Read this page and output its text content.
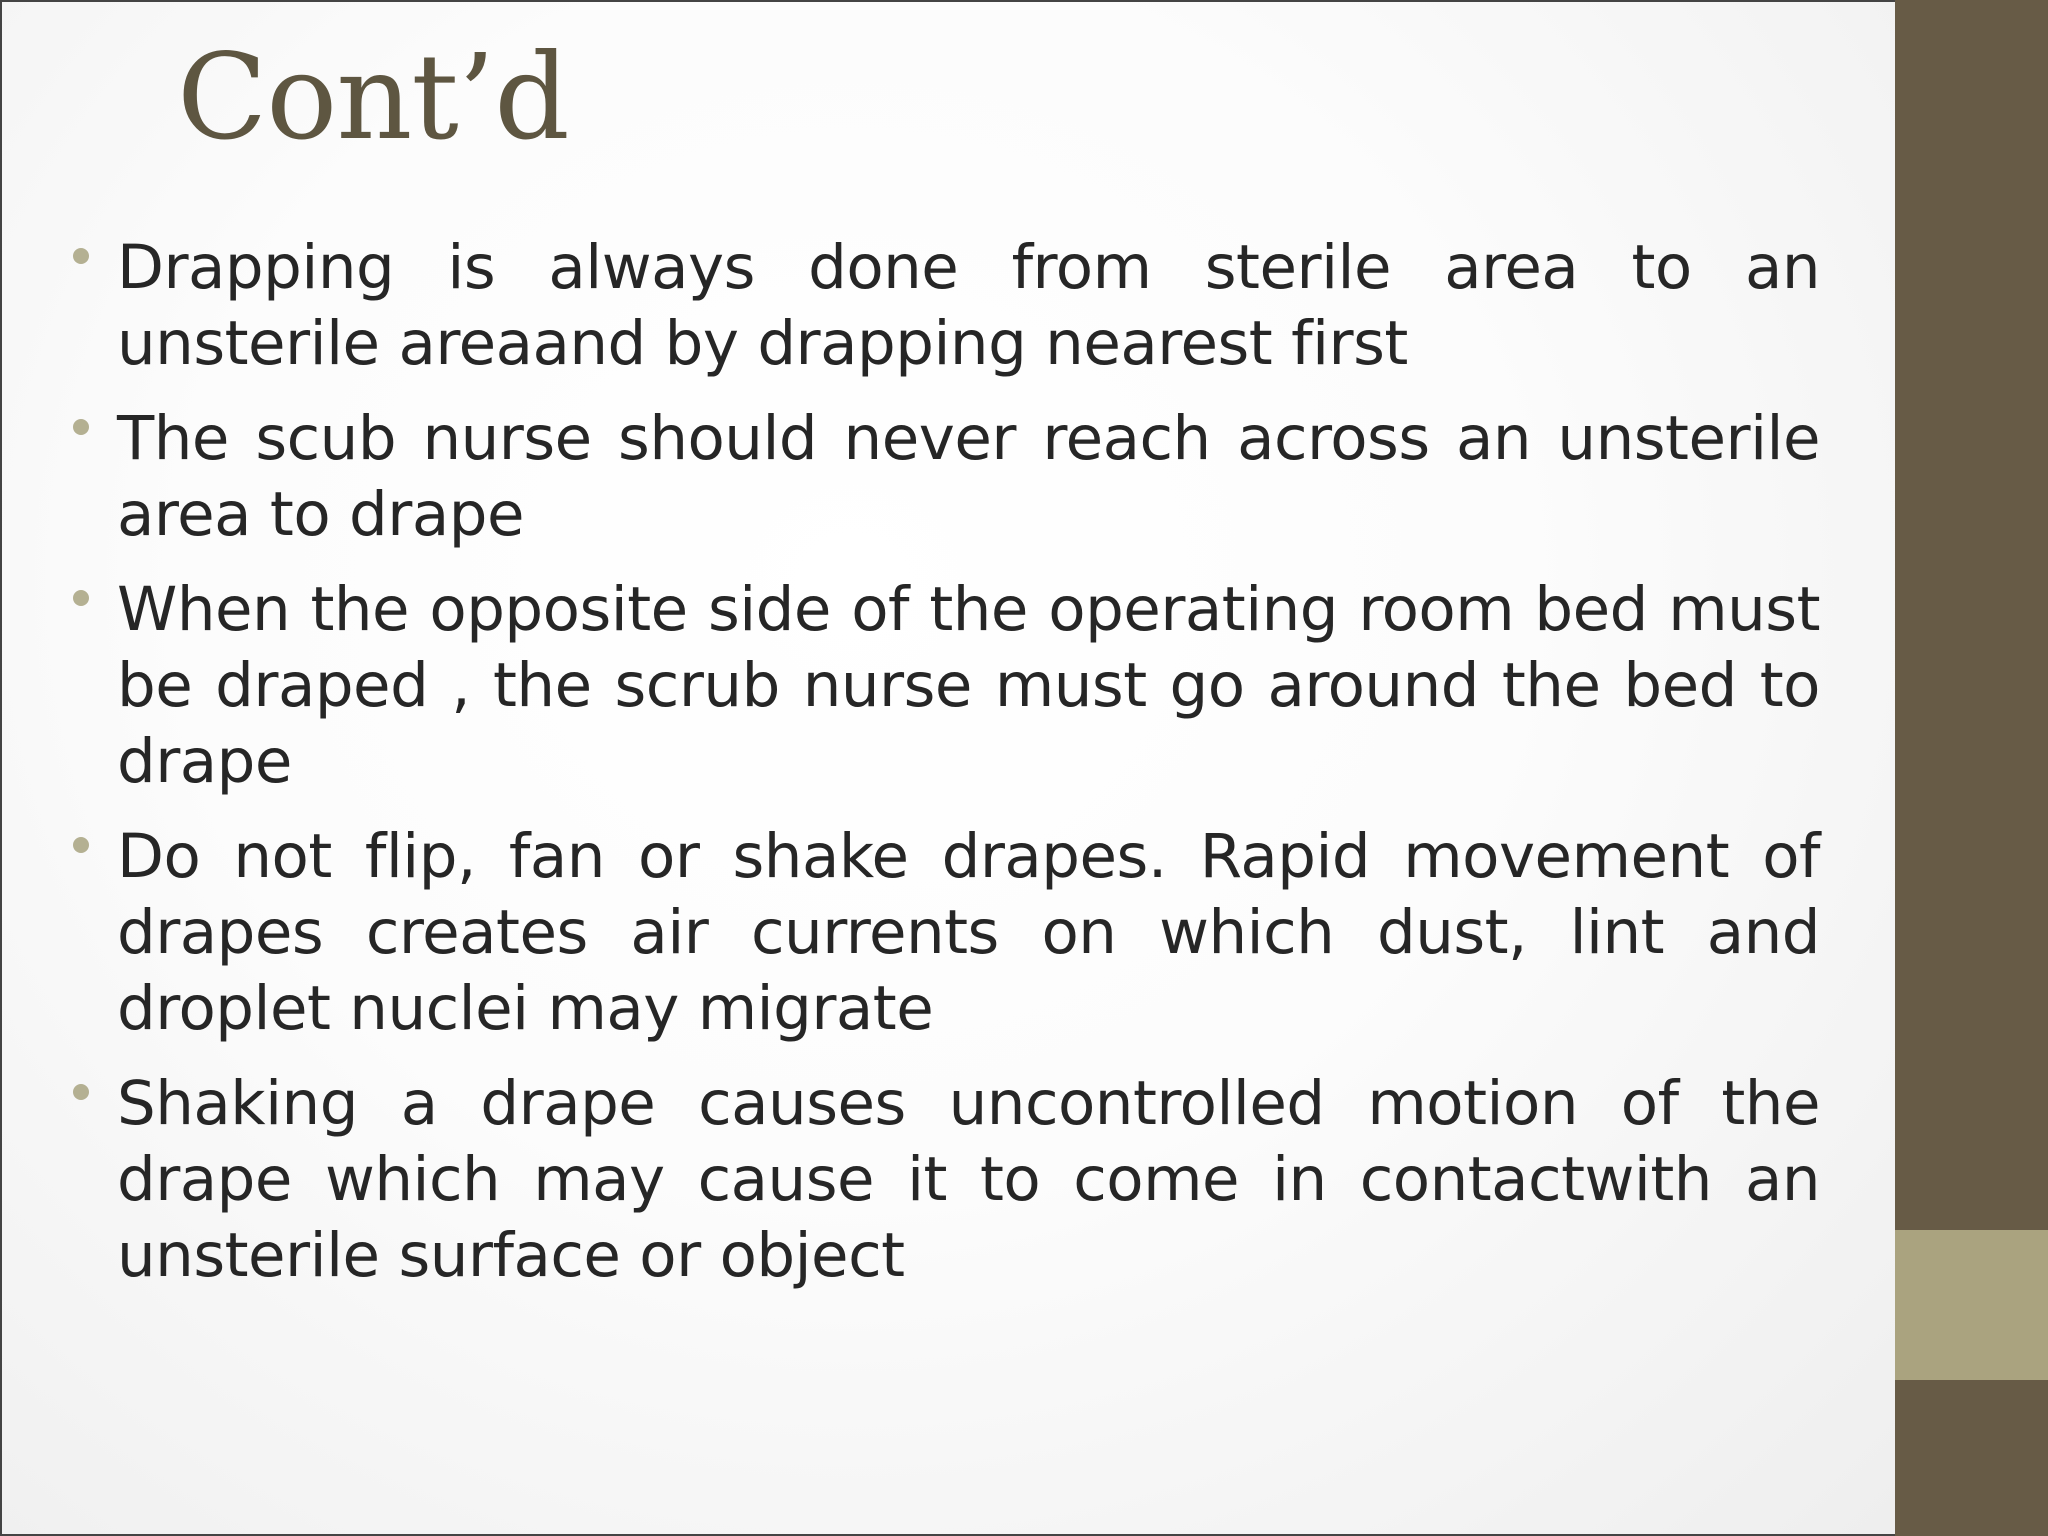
Cont’d
Drapping is always done from sterile area to an unsterile areaand by drapping nearest first
The scub nurse should never reach across an unsterile area to drape
When the opposite side of the operating room bed must be draped , the scrub nurse must go around the bed to drape
Do not flip, fan or shake drapes. Rapid movement of drapes creates air currents on which dust, lint and droplet nuclei may migrate
Shaking a drape causes uncontrolled motion of the drape which may cause it to come in contactwith an unsterile surface or object
